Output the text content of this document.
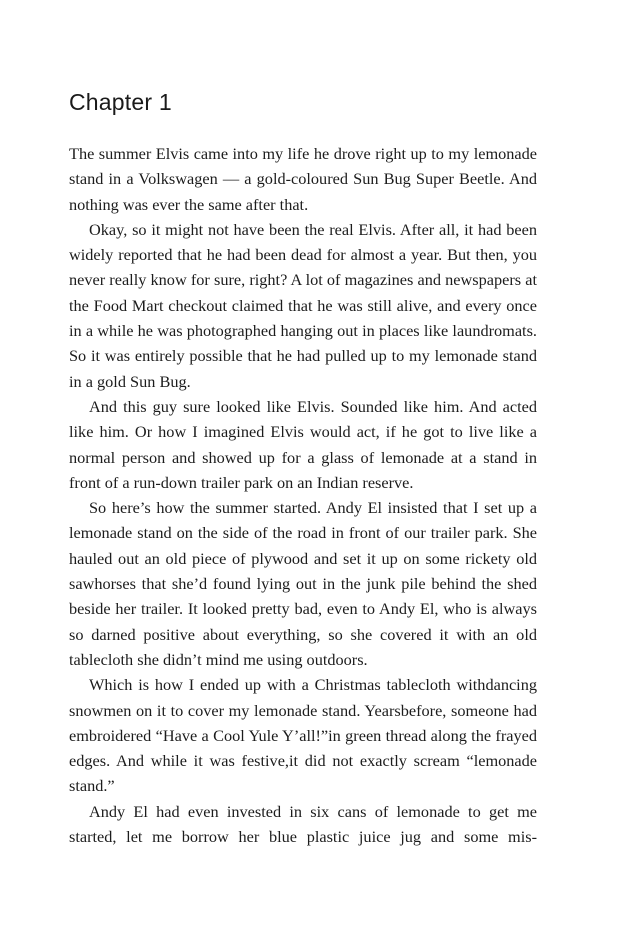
Chapter 1

The summer Elvis came into my life he drove right up to my lemonade stand in a Volkswagen — a gold-coloured Sun Bug Super Beetle. And nothing was ever the same after that.

Okay, so it might not have been the real Elvis. After all, it had been widely reported that he had been dead for almost a year. But then, you never really know for sure, right? A lot of magazines and newspapers at the Food Mart checkout claimed that he was still alive, and every once in a while he was photographed hanging out in places like laundromats. So it was entirely possible that he had pulled up to my lemonade stand in a gold Sun Bug.

And this guy sure looked like Elvis. Sounded like him. And acted like him. Or how I imagined Elvis would act, if he got to live like a normal person and showed up for a glass of lemonade at a stand in front of a run-down trailer park on an Indian reserve.

So here’s how the summer started. Andy El insisted that I set up a lemonade stand on the side of the road in front of our trailer park. She hauled out an old piece of plywood and set it up on some rickety old sawhorses that she’d found lying out in the junk pile behind the shed beside her trailer. It looked pretty bad, even to Andy El, who is always so darned positive about everything, so she covered it with an old tablecloth she didn’t mind me using outdoors.

Which is how I ended up with a Christmas tablecloth withdancing snowmen on it to cover my lemonade stand. Yearsbefore, someone had embroidered “Have a Cool Yule Y’all!”in green thread along the frayed edges. And while it was festive,it did not exactly scream “lemonade stand.”

Andy El had even invested in six cans of lemonade to get me started, let me borrow her blue plastic juice jug and some mis-
